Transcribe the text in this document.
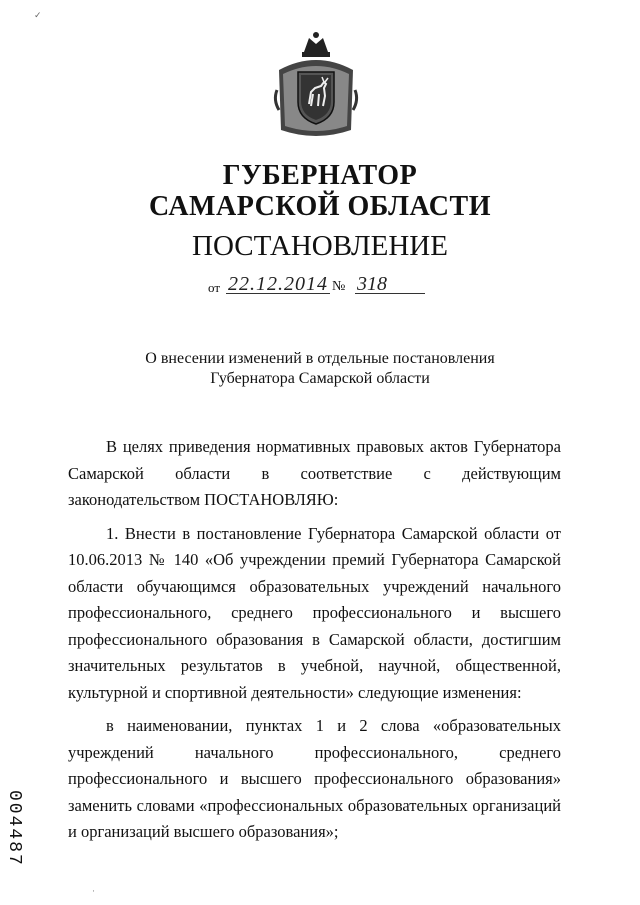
✓
ГУБЕРНАТОР
САМАРСКОЙ ОБЛАСТИ
ПОСТАНОВЛЕНИЕ
от 22.12.2014 № 318
О внесении изменений в отдельные постановления
Губернатора Самарской области

В целях приведения нормативных правовых актов Губернатора Самарской области в соответствие с действующим законодательством ПОСТАНОВЛЯЮ:

1. Внести в постановление Губернатора Самарской области от 10.06.2013 № 140 «Об учреждении премий Губернатора Самарской области обучающимся образовательных учреждений начального профессионального, среднего профессионального и высшего профессионального образования в Самарской области, достигшим значительных результатов в учебной, научной, общественной, культурной и спортивной деятельности» следующие изменения:

в наименовании, пунктах 1 и 2 слова «образовательных учреждений начального профессионального, среднего профессионального и высшего профессионального образования» заменить словами «профессиональных образовательных организаций и организаций высшего образования»;

004487
·
